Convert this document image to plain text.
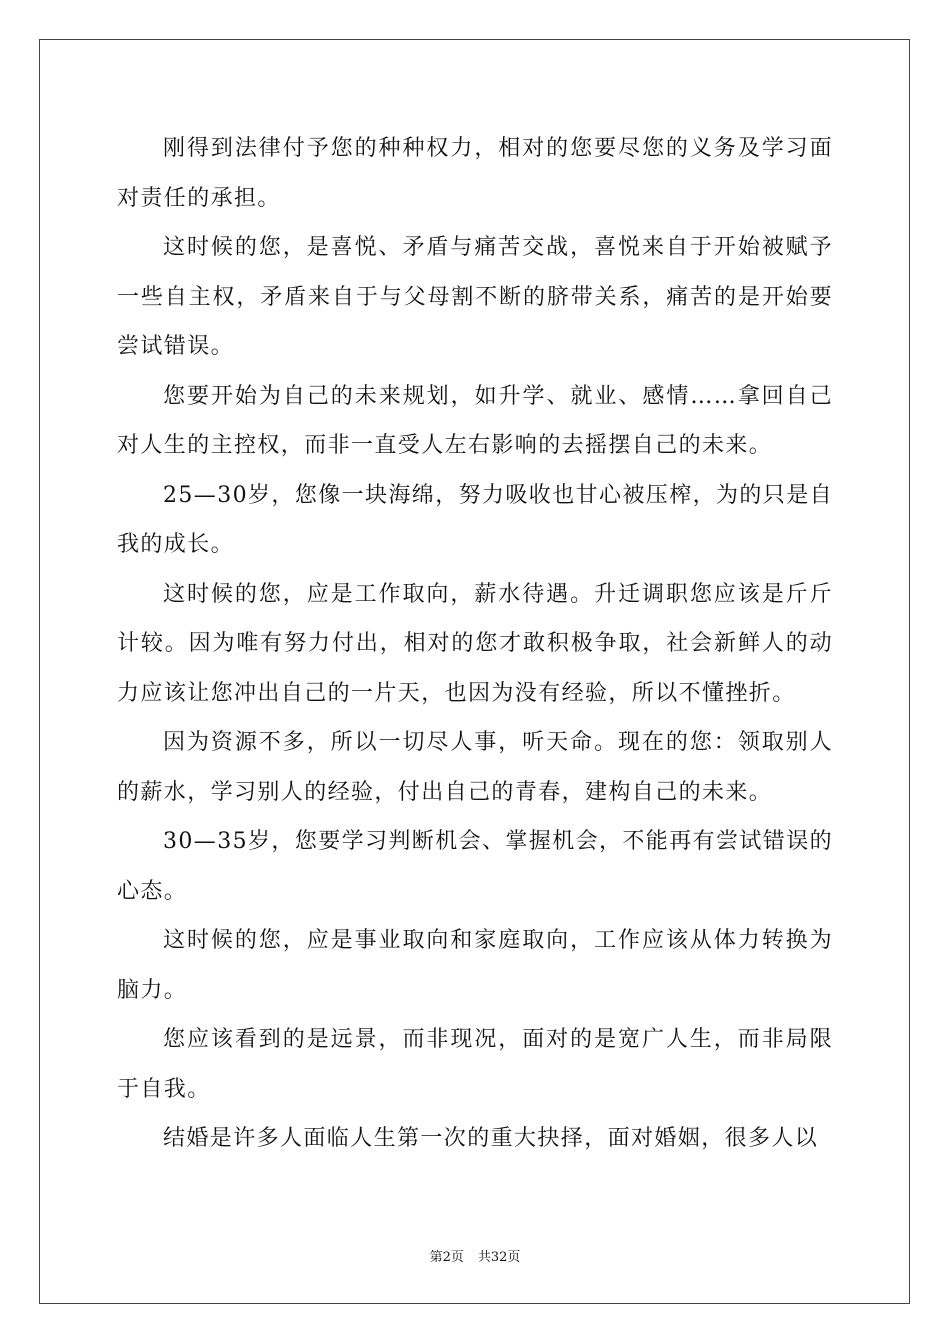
刚得到法律付予您的种种权力，相对的您要尽您的义务及学习面对责任的承担。

这时候的您，是喜悦、矛盾与痛苦交战，喜悦来自于开始被赋予一些自主权，矛盾来自于与父母割不断的脐带关系，痛苦的是开始要尝试错误。

您要开始为自己的未来规划，如升学、就业、感情……拿回自己对人生的主控权，而非一直受人左右影响的去摇摆自己的未来。

25—30岁，您像一块海绵，努力吸收也甘心被压榨，为的只是自我的成长。

这时候的您，应是工作取向，薪水待遇。升迁调职您应该是斤斤计较。因为唯有努力付出，相对的您才敢积极争取，社会新鲜人的动力应该让您冲出自己的一片天，也因为没有经验，所以不懂挫折。

因为资源不多，所以一切尽人事，听天命。现在的您：领取别人的薪水，学习别人的经验，付出自己的青春，建构自己的未来。

30—35岁，您要学习判断机会、掌握机会，不能再有尝试错误的心态。

这时候的您，应是事业取向和家庭取向，工作应该从体力转换为脑力。

您应该看到的是远景，而非现况，面对的是宽广人生，而非局限于自我。

结婚是许多人面临人生第一次的重大抉择，面对婚姻，很多人以

第2页 共32页
